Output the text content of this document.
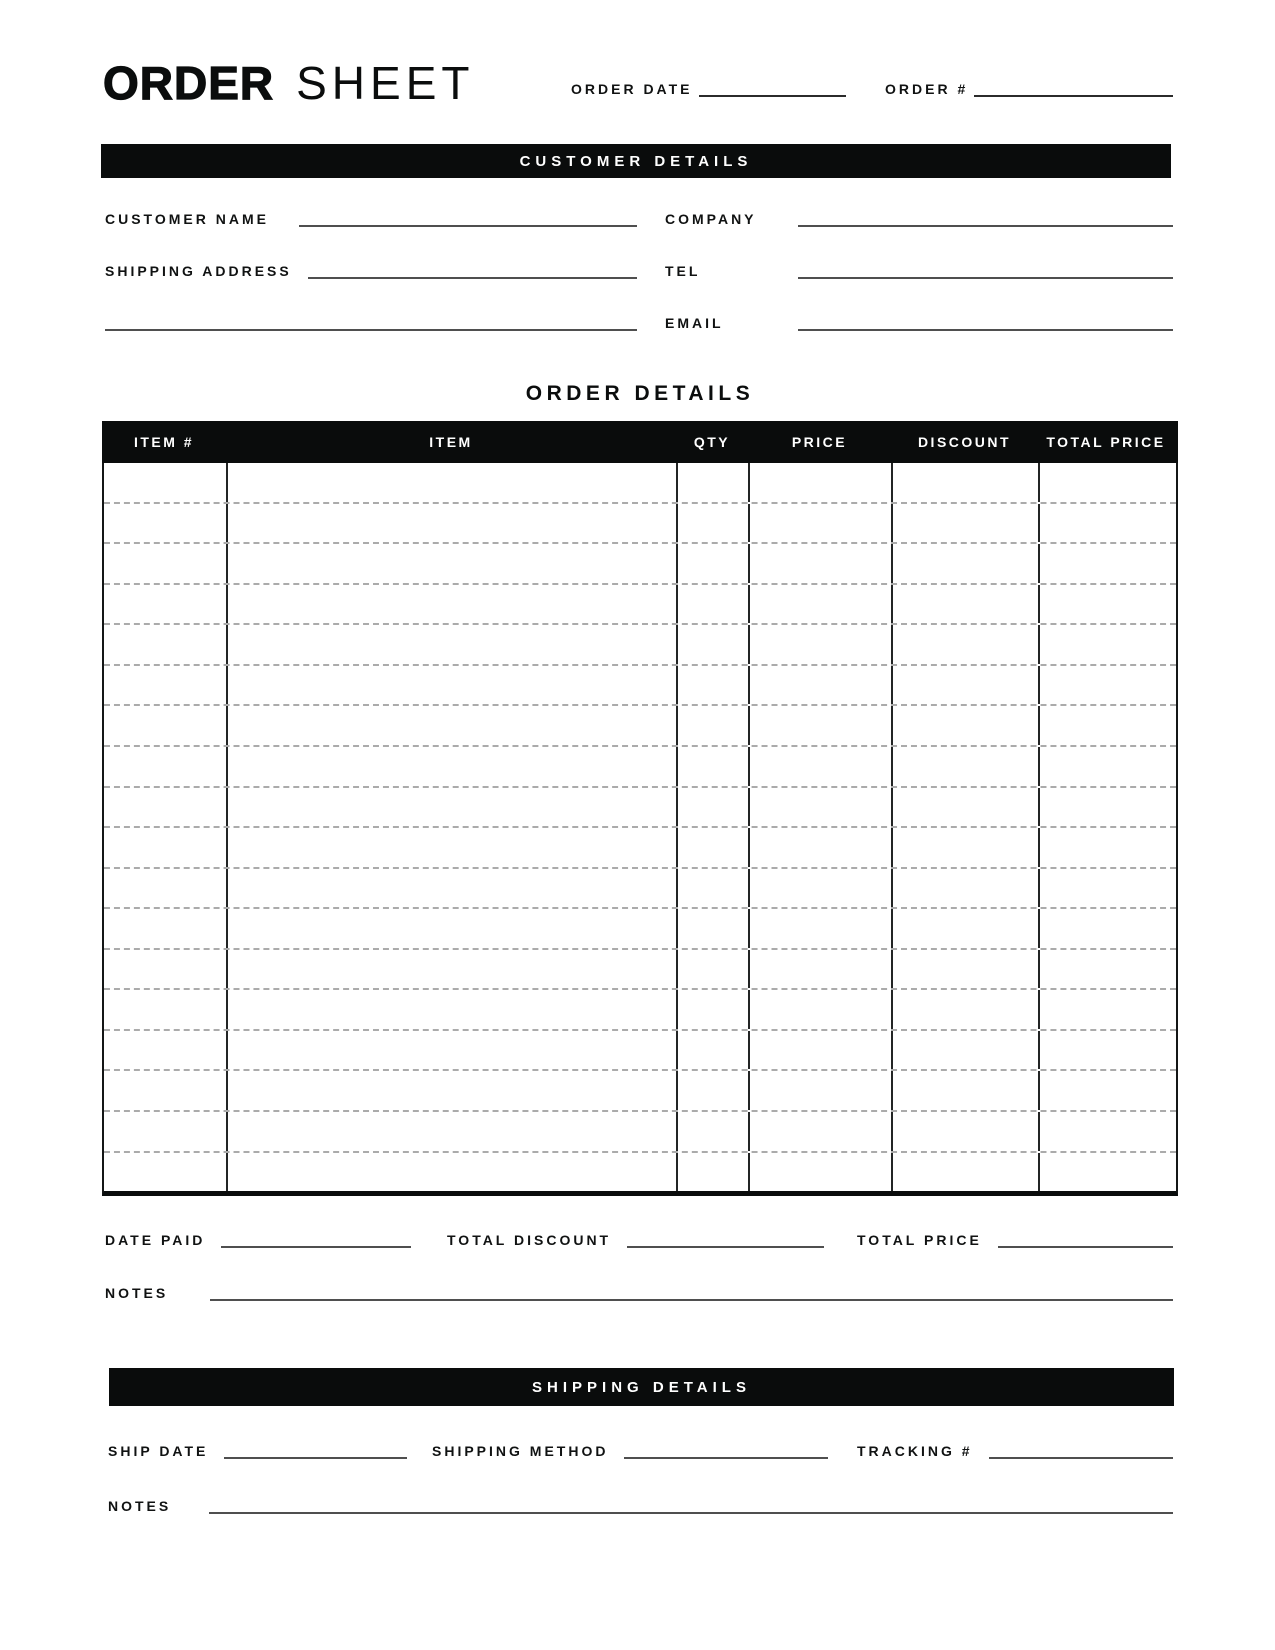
ORDER SHEET	ORDER DATE	ORDER #
CUSTOMER DETAILS
CUSTOMER NAME
SHIPPING ADDRESS
COMPANY
TEL
EMAIL
ORDER DETAILS
ITEM #	ITEM	QTY	PRICE	DISCOUNT	TOTAL PRICE
DATE PAID	TOTAL DISCOUNT	TOTAL PRICE
NOTES
SHIPPING DETAILS
SHIP DATE	SHIPPING METHOD	TRACKING #
NOTES
